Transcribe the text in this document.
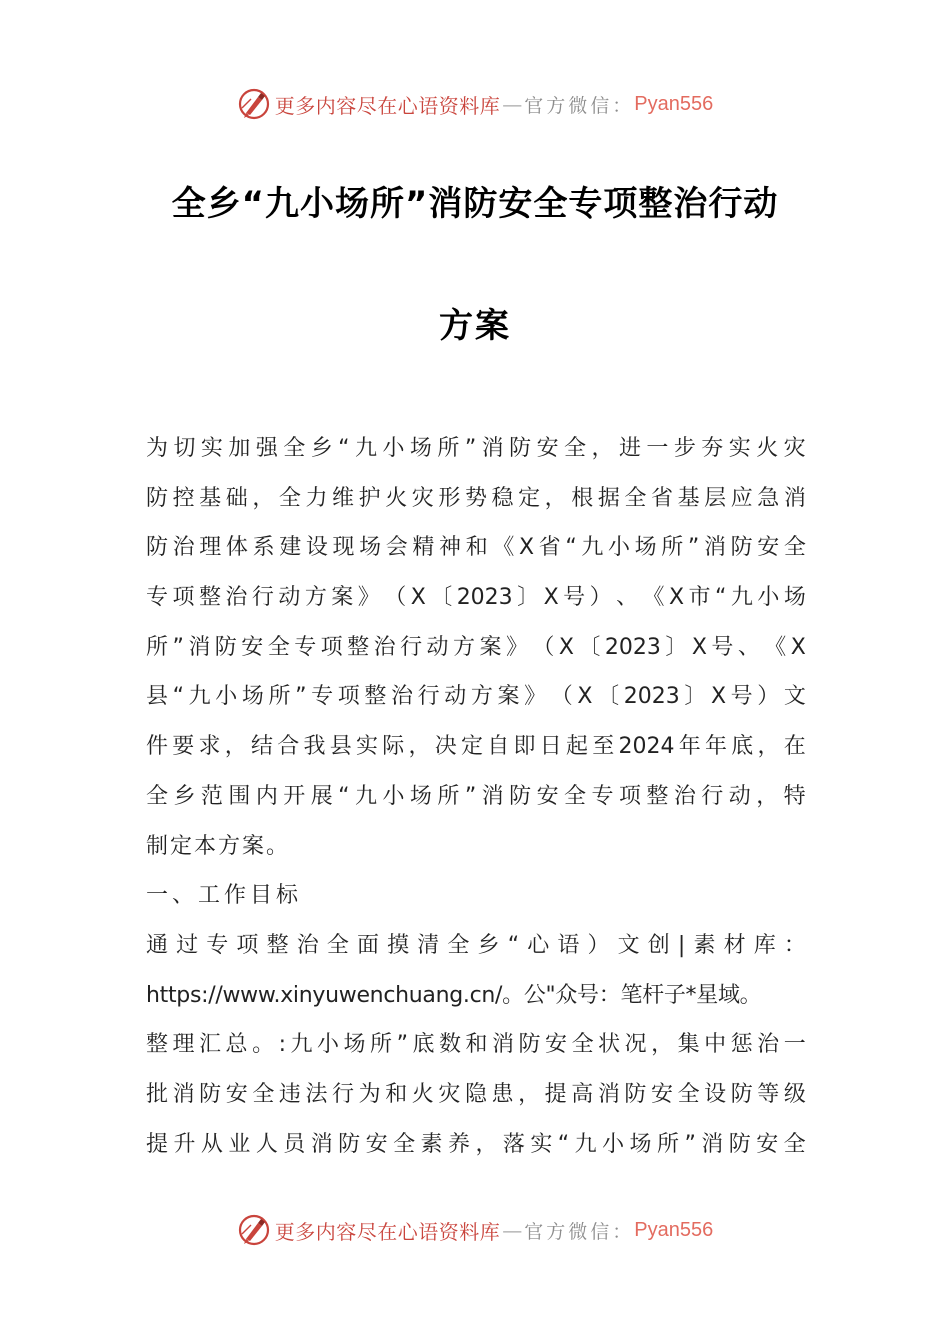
更多内容尽在心语资料库 — 官方微信： Pyan556
全乡“九小场所”消防安全专项整治行动
方案
为 切 实 加 强 全 乡 “ 九 小 场 所 ” 消 防 安 全 ， 进 一 步 夯 实 火 灾
防 控 基 础 ， 全 力 维 护 火 灾 形 势 稳 定 ， 根 据 全 省 基 层 应 急 消
防 治 理 体 系 建 设 现 场 会 精 神 和 《 X 省 “ 九 小 场 所 ” 消 防 安 全
专 项 整 治 行 动 方 案 》 （ X 〔 2023 〕 X 号 ） 、 《 X 市 “ 九 小 场
所 ” 消 防 安 全 专 项 整 治 行 动 方 案 》 （ X 〔 2023 〕 X 号 、 《 X
县 “ 九 小 场 所 ” 专 项 整 治 行 动 方 案 》 （ X 〔 2023 〕 X 号 ） 文
件 要 求 ， 结 合 我 县 实 际 ， 决 定 自 即 日 起 至 2024 年 年 底 ， 在
全 乡 范 围 内 开 展 “ 九 小 场 所 ” 消 防 安 全 专 项 整 治 行 动 ， 特
制定本方案。
一、工作目标
通 过 专 项 整 治 全 面 摸 清 全 乡 “ 心 语 ） 文 创 | 素 材 库 ：
https://www.xinyuwenchuang.cn/。公"众号：笔杆子*星域。
整 理 汇 总 。 : 九 小 场 所 ” 底 数 和 消 防 安 全 状 况 ， 集 中 惩 治 一
批 消 防 安 全 违 法 行 为 和 火 灾 隐 患 ， 提 高 消 防 安 全 设 防 等 级
提 升 从 业 人 员 消 防 安 全 素 养 ， 落 实 “ 九 小 场 所 ” 消 防 安 全
更多内容尽在心语资料库 — 官方微信： Pyan556
